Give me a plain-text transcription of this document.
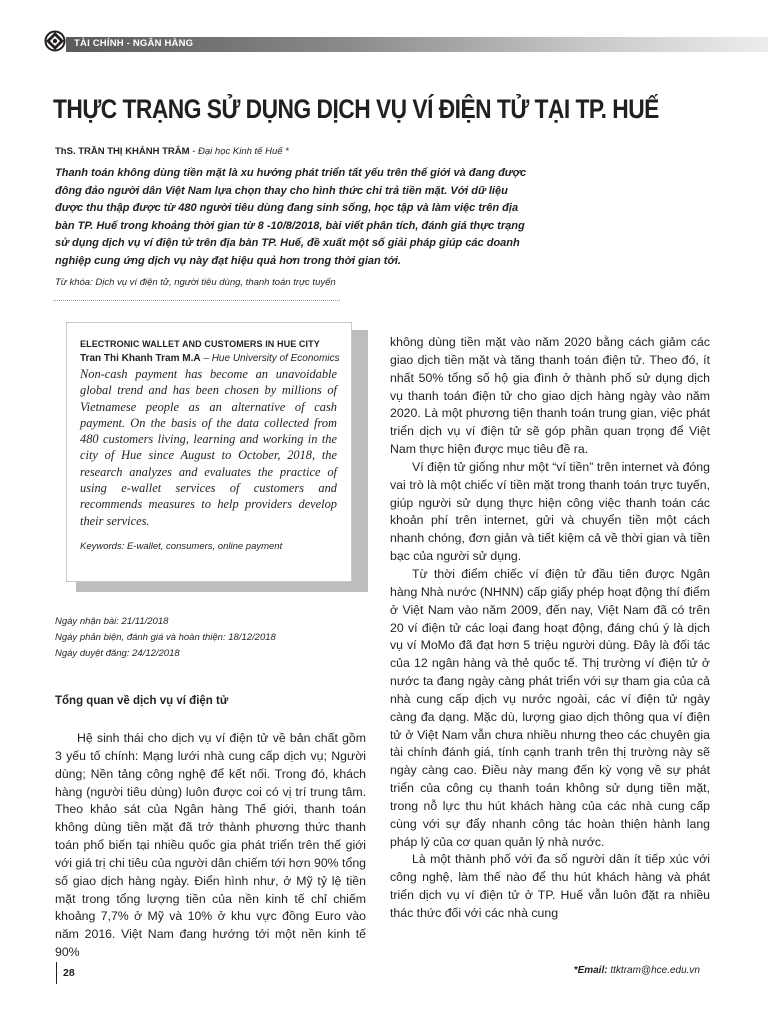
TÀI CHÍNH - NGÂN HÀNG
THỰC TRẠNG SỬ DỤNG DỊCH VỤ VÍ ĐIỆN TỬ TẠI TP. HUẾ
ThS. TRẦN THỊ KHÁNH TRÂM - Đại học Kinh tế Huế *

Thanh toán không dùng tiền mặt là xu hướng phát triển tất yếu trên thế giới và đang được đông đảo người dân Việt Nam lựa chọn thay cho hình thức chi trả tiền mặt. Với dữ liệu được thu thập được từ 480 người tiêu dùng đang sinh sống, học tập và làm việc trên địa bàn TP. Huế trong khoảng thời gian từ 8 -10/8/2018, bài viết phân tích, đánh giá thực trạng sử dụng dịch vụ ví điện tử trên địa bàn TP. Huế, đề xuất một số giải pháp giúp các doanh nghiệp cung ứng dịch vụ này đạt hiệu quả hơn trong thời gian tới.

Từ khóa: Dịch vụ ví điện tử, người tiêu dùng, thanh toán trực tuyến
ELECTRONIC WALLET AND CUSTOMERS IN HUE CITY
Tran Thi Khanh Tram M.A – Hue University of Economics

Non-cash payment has become an unavoidable global trend and has been chosen by millions of Vietnamese people as an alternative of cash payment. On the basis of the data collected from 480 customers living, learning and working in the city of Hue since August to October, 2018, the research analyzes and evaluates the practice of using e-wallet services of customers and recommends measures to help providers develop their services.

Keywords: E-wallet, consumers, online payment
Ngày nhận bài: 21/11/2018
Ngày phản biện, đánh giá và hoàn thiện: 18/12/2018
Ngày duyệt đăng: 24/12/2018
Tổng quan về dịch vụ ví điện tử

Hệ sinh thái cho dịch vụ ví điện tử về bản chất gồm 3 yếu tố chính: Mạng lưới nhà cung cấp dịch vụ; Người dùng; Nền tảng công nghệ để kết nối. Trong đó, khách hàng (người tiêu dùng) luôn được coi có vị trí trung tâm. Theo khảo sát của Ngân hàng Thế giới, thanh toán không dùng tiền mặt đã trở thành phương thức thanh toán phổ biến tại nhiều quốc gia phát triển trên thế giới với giá trị chi tiêu của người dân chiếm tới hơn 90% tổng số giao dịch hàng ngày. Điển hình như, ở Mỹ tỷ lệ tiền mặt trong tổng lượng tiền của nền kinh tế chỉ chiếm khoảng 7,7% ở Mỹ và 10% ở khu vực đồng Euro vào năm 2016. Việt Nam đang hướng tới một nền kinh tế 90%

không dùng tiền mặt vào năm 2020 bằng cách giảm các giao dịch tiền mặt và tăng thanh toán điện tử. Theo đó, ít nhất 50% tổng số hộ gia đình ở thành phố sử dụng dịch vụ thanh toán điện tử cho giao dịch hàng ngày vào năm 2020. Là một phương tiện thanh toán trung gian, việc phát triển dịch vụ ví điện tử sẽ góp phần quan trọng để Việt Nam thực hiện được mục tiêu đề ra.

Ví điện tử giống như một “ví tiền” trên internet và đóng vai trò là một chiếc ví tiền mặt trong thanh toán trực tuyến, giúp người sử dụng thực hiện công việc thanh toán các khoản phí trên internet, gửi và chuyển tiền một cách nhanh chóng, đơn giản và tiết kiệm cả về thời gian và tiền bạc của người sử dụng.

Từ thời điểm chiếc ví điện tử đầu tiên được Ngân hàng Nhà nước (NHNN) cấp giấy phép hoạt động thí điểm ở Việt Nam vào năm 2009, đến nay, Việt Nam đã có trên 20 ví điện tử các loại đang hoạt động, đáng chú ý là dịch vụ ví MoMo đã đạt hơn 5 triệu người dùng. Đây là đối tác của 12 ngân hàng và thẻ quốc tế. Thị trường ví điện tử ở nước ta đang ngày càng phát triển với sự tham gia của cả nhà cung cấp dịch vụ nước ngoài, các ví điện tử ngày càng đa dạng. Mặc dù, lượng giao dịch thông qua ví điện tử ở Việt Nam vẫn chưa nhiều nhưng theo các chuyên gia tài chính đánh giá, tính cạnh tranh trên thị trường này sẽ ngày càng cao. Điều này mang đến kỳ vọng về sự phát triển của công cụ thanh toán không sử dụng tiền mặt, trong nỗ lực thu hút khách hàng của các nhà cung cấp cùng với sự đẩy nhanh công tác hoàn thiện hành lang pháp lý của cơ quan quản lý nhà nước.

Là một thành phố với đa số người dân ít tiếp xúc với công nghệ, làm thế nào để thu hút khách hàng và phát triển dịch vụ ví điện tử ở TP. Huế vẫn luôn đặt ra nhiều thác thức đối với các nhà cung

28	*Email: ttktram@hce.edu.vn
